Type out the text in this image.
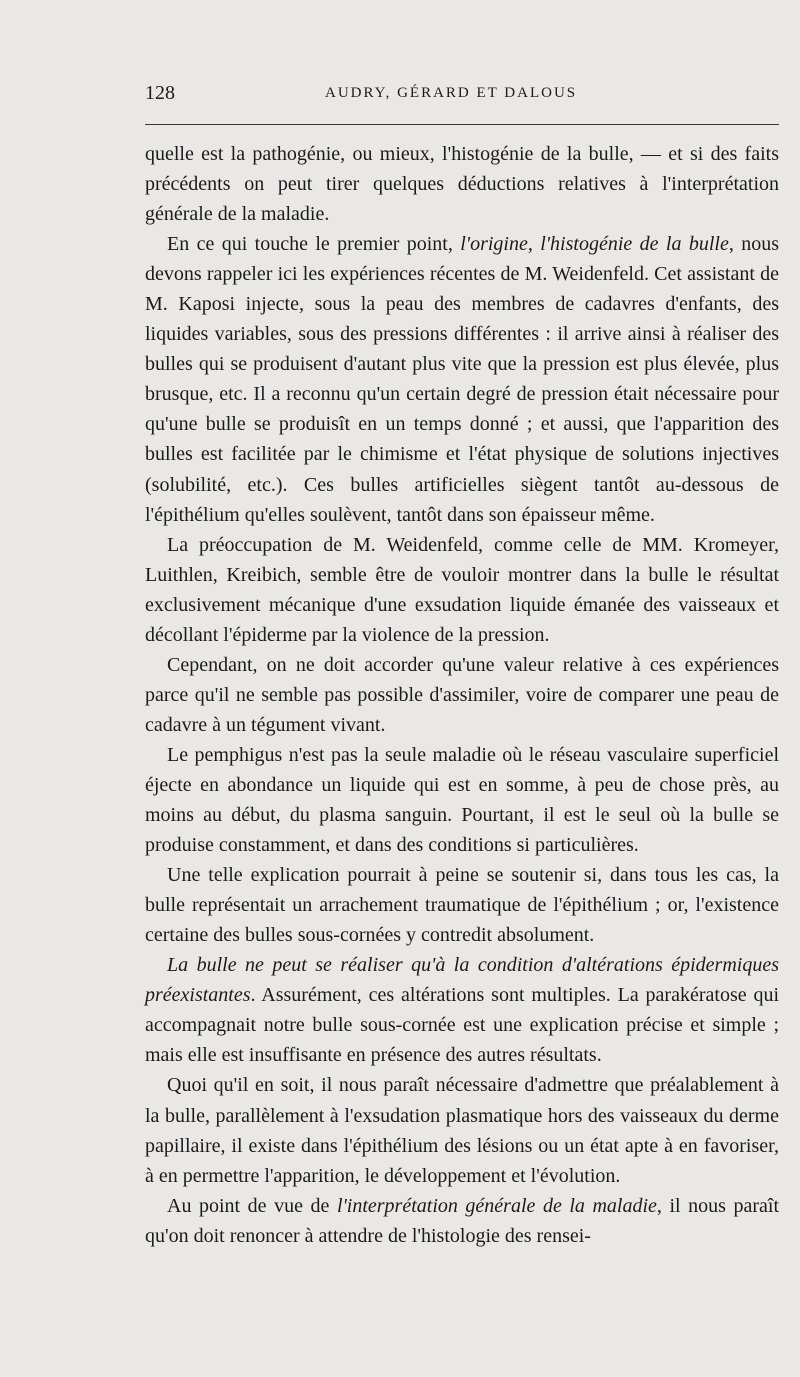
128	AUDRY, GÉRARD ET DALOUS

quelle est la pathogénie, ou mieux, l'histogénie de la bulle, — et si des faits précédents on peut tirer quelques déductions relatives à l'interprétation générale de la maladie.

En ce qui touche le premier point, l'origine, l'histogénie de la bulle, nous devons rappeler ici les expériences récentes de M. Weidenfeld. Cet assistant de M. Kaposi injecte, sous la peau des membres de cadavres d'enfants, des liquides variables, sous des pressions différentes : il arrive ainsi à réaliser des bulles qui se produisent d'autant plus vite que la pression est plus élevée, plus brusque, etc. Il a reconnu qu'un certain degré de pression était nécessaire pour qu'une bulle se produisît en un temps donné ; et aussi, que l'apparition des bulles est facilitée par le chimisme et l'état physique de solutions injectives (solubilité, etc.). Ces bulles artificielles siègent tantôt au-dessous de l'épithélium qu'elles soulèvent, tantôt dans son épaisseur même.

La préoccupation de M. Weidenfeld, comme celle de MM. Kromeyer, Luithlen, Kreibich, semble être de vouloir montrer dans la bulle le résultat exclusivement mécanique d'une exsudation liquide émanée des vaisseaux et décollant l'épiderme par la violence de la pression.

Cependant, on ne doit accorder qu'une valeur relative à ces expériences parce qu'il ne semble pas possible d'assimiler, voire de comparer une peau de cadavre à un tégument vivant.

Le pemphigus n'est pas la seule maladie où le réseau vasculaire superficiel éjecte en abondance un liquide qui est en somme, à peu de chose près, au moins au début, du plasma sanguin. Pourtant, il est le seul où la bulle se produise constamment, et dans des conditions si particulières.

Une telle explication pourrait à peine se soutenir si, dans tous les cas, la bulle représentait un arrachement traumatique de l'épithélium ; or, l'existence certaine des bulles sous-cornées y contredit absolument.

La bulle ne peut se réaliser qu'à la condition d'altérations épidermiques préexistantes. Assurément, ces altérations sont multiples. La parakératose qui accompagnait notre bulle sous-cornée est une explication précise et simple ; mais elle est insuffisante en présence des autres résultats.

Quoi qu'il en soit, il nous paraît nécessaire d'admettre que préalablement à la bulle, parallèlement à l'exsudation plasmatique hors des vaisseaux du derme papillaire, il existe dans l'épithélium des lésions ou un état apte à en favoriser, à en permettre l'apparition, le développement et l'évolution.

Au point de vue de l'interprétation générale de la maladie, il nous paraît qu'on doit renoncer à attendre de l'histologie des rensei-
